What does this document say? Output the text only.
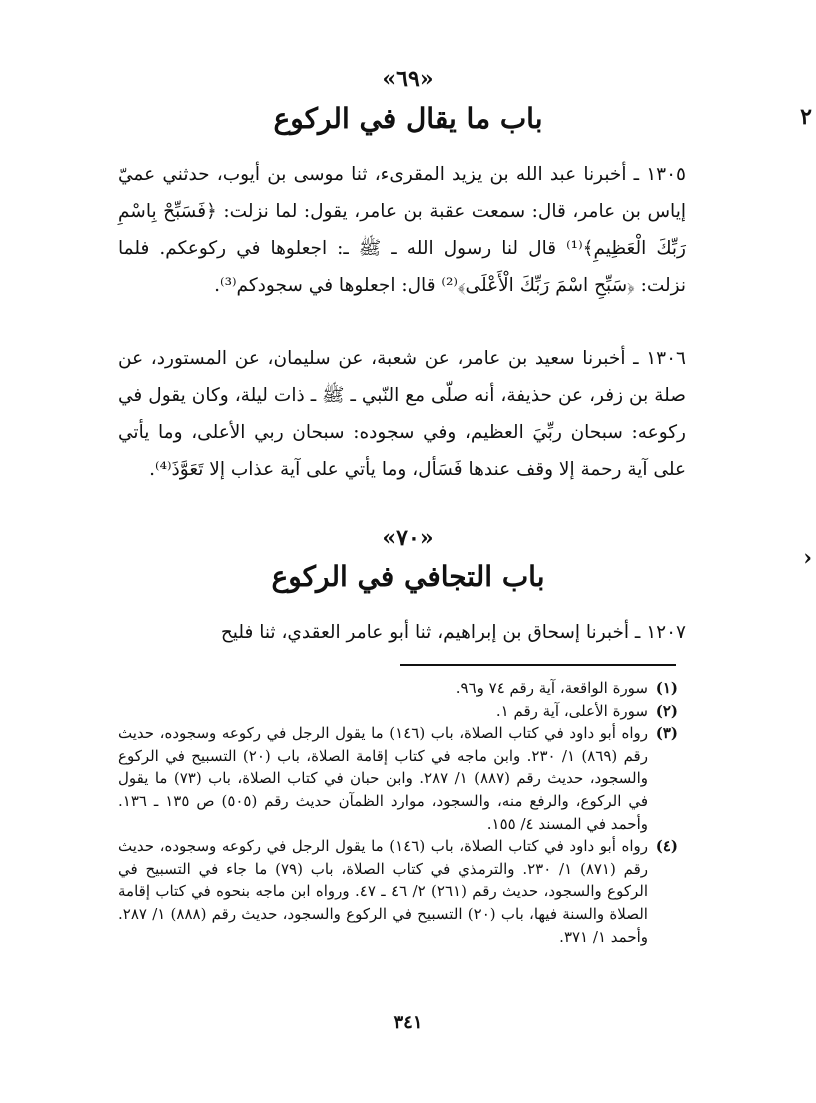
٢
‹
«٦٩»
باب ما يقال في الركوع
١٣٠٥ ـ أخبرنا عبد الله بن يزيد المقرىء، ثنا موسى بن أيوب، حدثني عميّ إياس بن عامر، قال: سمعت عقبة بن عامر، يقول: لما نزلت: ﴿فَسَبِّحْ بِاسْمِ رَبِّكَ الْعَظِيمِ﴾⁽¹⁾ قال لنا رسول الله ـ ﷺ ـ: اجعلوها في ركوعكم. فلما نزلت: ﴿سَبِّحِ اسْمَ رَبِّكَ الْأَعْلَى﴾⁽²⁾ قال: اجعلوها في سجودكم⁽³⁾.
١٣٠٦ ـ أخبرنا سعيد بن عامر، عن شعبة، عن سليمان، عن المستورد، عن صلة بن زفر، عن حذيفة، أنه صلّى مع النّبي ـ ﷺ ـ ذات ليلة، وكان يقول في ركوعه: سبحان ربِّيَ العظيم، وفي سجوده: سبحان ربي الأعلى، وما يأتي على آية رحمة إلا وقف عندها فَسَأل، وما يأتي على آية عذاب إلا تَعَوَّذَ⁽⁴⁾.
«٧٠»
باب التجافي في الركوع
١٢٠٧ ـ أخبرنا إسحاق بن إبراهيم، ثنا أبو عامر العقدي، ثنا فليح
(١)
سورة الواقعة، آية رقم ٧٤ و٩٦.
(٢)
سورة الأعلى، آية رقم ١.
(٣)
رواه أبو داود في كتاب الصلاة، باب (١٤٦) ما يقول الرجل في ركوعه وسجوده، حديث رقم (٨٦٩) ١/ ٢٣٠. وابن ماجه في كتاب إقامة الصلاة، باب (٢٠) التسبيح في الركوع والسجود، حديث رقم (٨٨٧) ١/ ٢٨٧. وابن حبان في كتاب الصلاة، باب (٧٣) ما يقول في الركوع، والرفع منه، والسجود، موارد الظمآن حديث رقم (٥٠٥) ص ١٣٥ ـ ١٣٦. وأحمد في المسند ٤/ ١٥٥.
(٤)
رواه أبو داود في كتاب الصلاة، باب (١٤٦) ما يقول الرجل في ركوعه وسجوده، حديث رقم (٨٧١) ١/ ٢٣٠. والترمذي في كتاب الصلاة، باب (٧٩) ما جاء في التسبيح في الركوع والسجود، حديث رقم (٢٦١) ٢/ ٤٦ ـ ٤٧. ورواه ابن ماجه بنحوه في كتاب إقامة الصلاة والسنة فيها، باب (٢٠) التسبيح في الركوع والسجود، حديث رقم (٨٨٨) ١/ ٢٨٧. وأحمد ١/ ٣٧١.
٣٤١
